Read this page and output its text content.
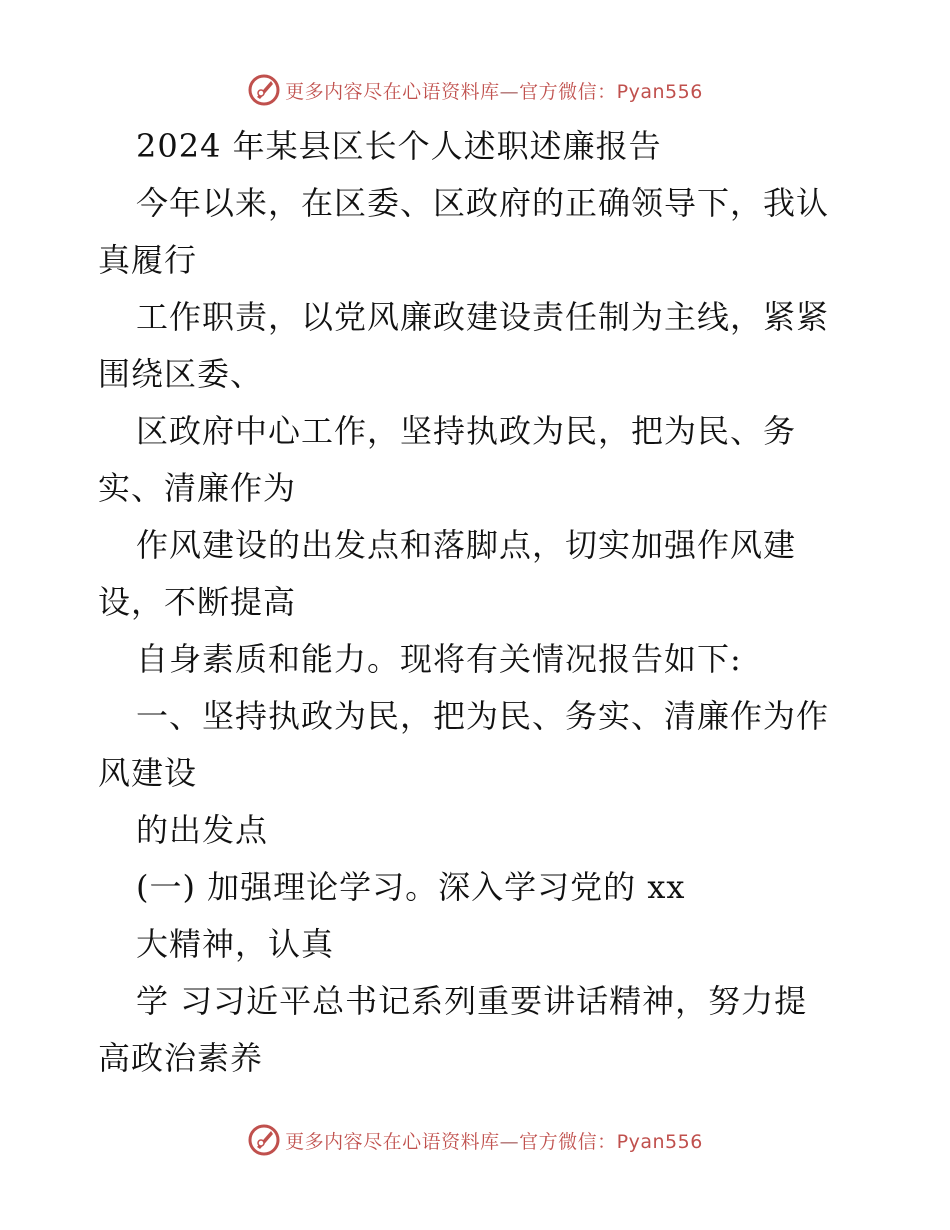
更多内容尽在心语资料库—官方微信：Pyan556
2024 年某县区长个人述职述廉报告
今年以来，在区委、区政府的正确领导下，我认
真履行
工作职责，以党风廉政建设责任制为主线，紧紧
围绕区委、
区政府中心工作，坚持执政为民，把为民、务
实、清廉作为
作风建设的出发点和落脚点，切实加强作风建
设，不断提高
自身素质和能力。现将有关情况报告如下:
一、坚持执政为民，把为民、务实、清廉作为作
风建设
的出发点
(一) 加强理论学习。深入学习党的 xx
大精神，认真
学 习习近平总书记系列重要讲话精神，努力提
高政治素养
更多内容尽在心语资料库—官方微信：Pyan556
